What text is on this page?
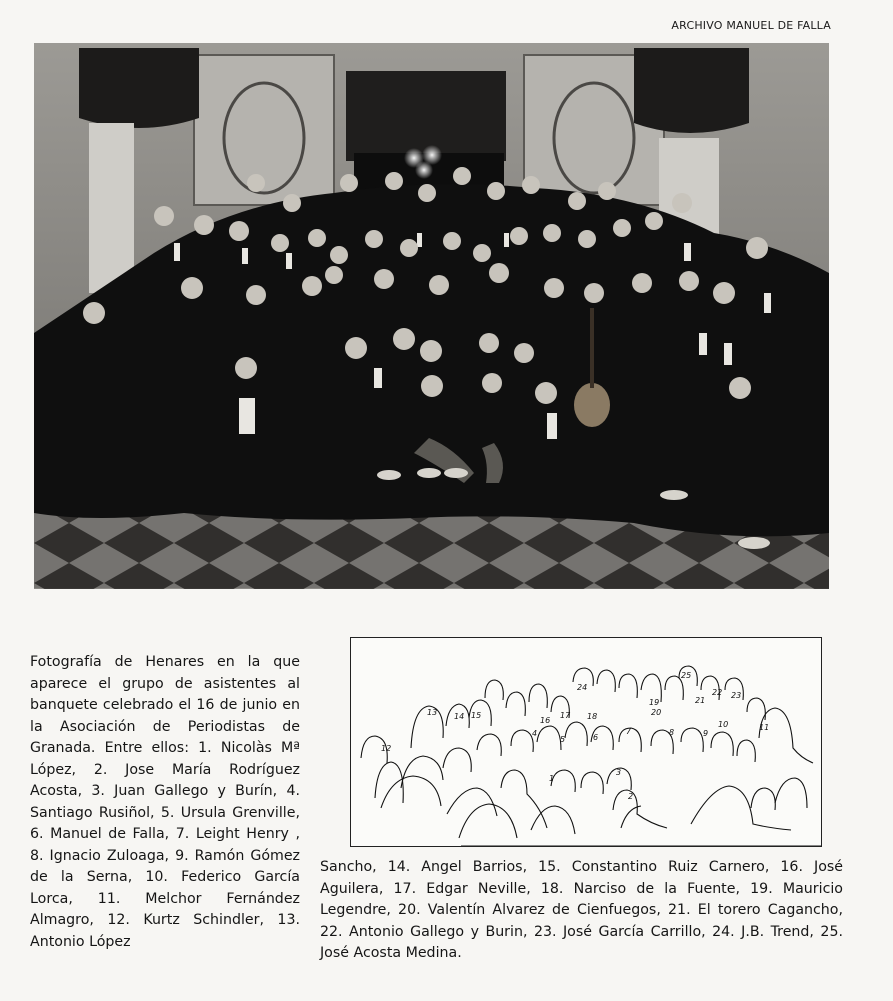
ARCHIVO MANUEL DE FALLA

Fotografía de Henares en la que aparece el grupo de asistentes al banquete celebrado el 16 de junio en la Asociación de Periodistas de Granada. Entre ellos: 1. Nicolàs Mª López, 2. Jose María Rodríguez Acosta, 3. Juan Gallego y Burín, 4. Santiago Rusiñol, 5. Ursula Grenville, 6. Manuel de Falla, 7. Leight Henry , 8. Ignacio Zuloaga, 9. Ramón Gómez de la Serna, 10. Federico García Lorca, 11. Melchor Fernández Almagro, 12. Kurtz Schindler, 13. Antonio López

1
2
3
4
5	6
7	8	9
10	11
12
13 14 15
16
17 18
19
20
21
22 23
24
25

Sancho, 14. Angel Barrios, 15. Constantino Ruiz Carnero, 16. José Aguilera, 17. Edgar Neville, 18. Narciso de la Fuente, 19. Mauricio Legendre, 20. Valentín Alvarez de Cienfuegos, 21. El torero Cagancho, 22. Antonio Gallego y Burin, 23. José García Carrillo, 24. J.B. Trend, 25. José Acosta Medina.
